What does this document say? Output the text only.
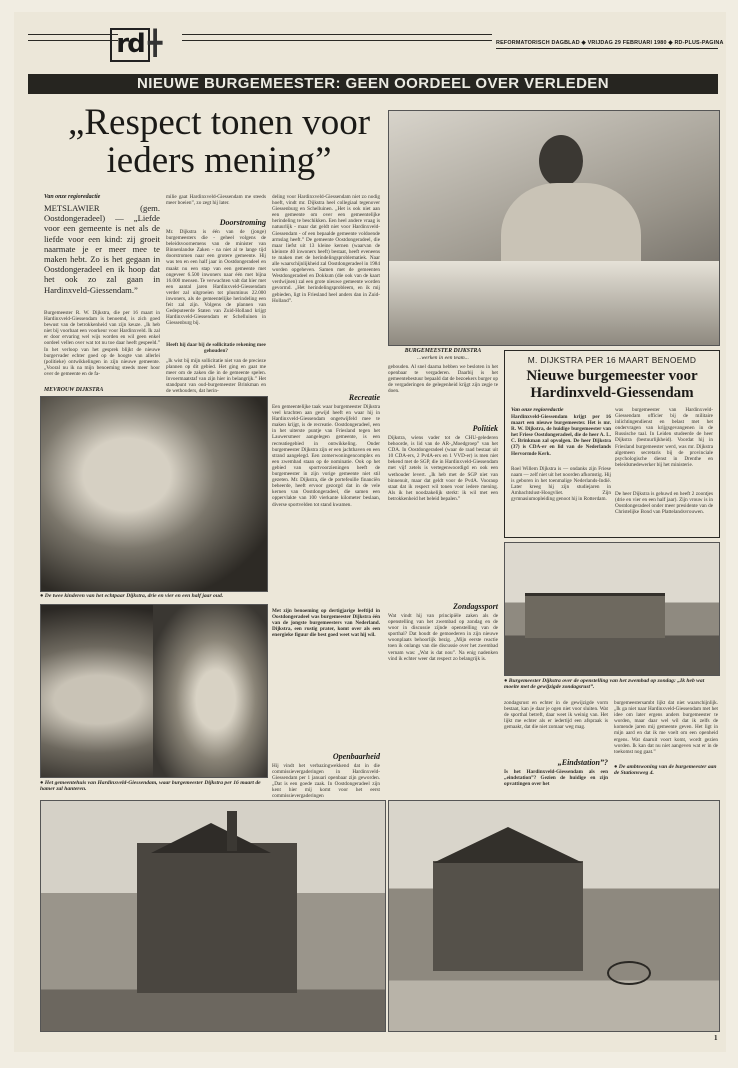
rd ╋	REFORMATORISCH DAGBLAD ◆ VRIJDAG 29 FEBRUARI 1980 ◆ RD-PLUS-PAGINA
NIEUWE BURGEMEESTER: GEEN OORDEEL OVER VERLEDEN
„Respect tonen voor ieders mening”
Van onze regioredactie
METSLAWIER (gem. Oostdongeradeel) — „Liefde voor een gemeente is net als de liefde voor een kind: zij groeit naarmate je er meer mee te maken hebt. Zo is het gegaan in Oostdongeradeel en ik hoop dat het ook zo zal gaan in Hardinxveld-Giessendam.”
Burgemeester R. W. Dijkstra, die per 16 maart in Hardinxveld-Giessendam is benoemd, is zich goed bewust van de betrokkenheid van zijn keuze. „Ik heb niet bij voorbaat een voorkeur voor Hardinxveld. Ik zal er door ervaring wel wijs worden en wil geen enkel oordeel vellen over wat tot nu toe daar heeft gespeeld.” In het verloop van het gesprek blijkt de nieuwe burgervader echter goed op de hoogte van allerlei (politieke) ontwikkelingen in zijn nieuwe gemeente. „Vooral nu ik na mijn benoeming steeds meer hoor over de gemeente en de fa-
MEVROUW DIJKSTRA
● De twee kinderen van het echtpaar Dijkstra, drie en vier en een half jaar oud.
● Het gemeentehuis van Hardinxveld-Giessendam, waar burgemeester Dijkstra per 16 maart de hamer zal hanteren.
milie gaat Hardinxveld-Giessendam me steeds meer boeien”, zo zegt hij later.
Doorstroming
Mr. Dijkstra is één van de (jonge) burgemeesters die - geheel volgens de beleidsvoornemens van de minister van Binnenlandse Zaken - na niet al te lange tijd doorstromen naar een grotere gemeente. Hij was ten en een half jaar in Oostdongeradeel en maakt nu een stap van een gemeente met ongeveer 6.500 inwoners naar één met bijna 16.000 mensen. Te verwachten valt dat hier met een aantal jaren Hardinxveld-Giessendam verder zal uitgroeien tot plusminus 22.000 inwoners, als de gemeentelijke herindeling een feit zal zijn. Volgens de plannen van Gedeputeerde Staten van Zuid-Holland krijgt Hardinxveld-Giessendam er Schelluinen in Giessenburg bij.
Heeft hij daar bij de sollicitatie rekening mee gehouden?
„Ik wist bij mijn sollicitatie niet van de precieze plannen op dit gebied. Het ging en gaat me meer om de zaken die in de gemeente spelen. Invoermaatstaf van zijn hier in belangrijk.” Het standpunt van oud-burgemeester Brinkman en de wethouders, dat herin-
deling voor Hardinxveld-Giessendam niet zo nodig hoeft, vindt mr. Dijkstra heel collegiaal tegenover Giessenburg en Schelluinen. „Het is ook niet aan een gemeente om over een gemeentelijke herindeling te beschikken. Een heel andere vraag is natuurlijk - maar dat geldt niet voor Hardinxveld-Giessendam - of een bepaalde gemeente voldoende armslag heeft.” De gemeente Oostdongeradeel, die maar liefst uit 13 kleine kernen (waarvan de kleinste 40 inwoners heeft) bestaat, heeft eveneens te maken met de herindelingsproblematiek. Naar alle waarschijnlijkheid zal Oostdongeradeel in 1984 worden opgeheven. Samen met de gemeenten Westdongeradeel en Dokkum (die ook van de kaart verdwijnen) zal een grote nieuwe gemeente worden gevormd. „Het herindelingsprobleem, en ik mij gebieden, ligt in Friesland heel anders dan in Zuid-Holland”.
Recreatie
Een gemeentelijke taak waar burgemeester Dijkstra veel krachten aan gewijd heeft en waar hij in Hardinxveld-Giessendam ongetwijfeld mee te maken krijgt, is de recreatie. Oostdongeradeel, een in het uiterste puntje van Friesland tegen het Lauwersmeer aangelegen gemeente, is een recreatiegebied in ontwikkeling. Onder burgemeester Dijkstra zijn er een jachthaven en een strand aangelegd. Een zomerwoningencomplex en een zwembad staan op de nominatie. Ook op het gebied van sportvoorzieningen heeft de burgemeester in zijn vorige gemeente niet stil gezeten. Mr. Dijkstra, die de portefeuille financiën beheerde, heeft ervoor gezorgd dat in de vele kernen van Oostdongeradeel, die samen een oppervlakte van 100 vierkante kilometer beslaan, diverse sportvelden tot stand kwamen.
Met zijn benoeming op dertigjarige leeftijd in Oostdongeradeel was burgemeester Dijkstra één van de jongste burgemeesters van Nederland. Dijkstra, een rustig prater, komt over als een energieke figuur die best goed weet wat hij wil.
Openbaarheid
Hij vindt het verbazingwekkend dat in die commissievergaderingen in Hardinxveld-Giessendam per 1 januari openbaar zijn geworden. „Dat is een goede zaak. In Oostdongeradeel zijn kent hier mij komt voor het eerst commissievergaderingen
BURGEMEESTER DIJKSTRA
...werken in een team...
gebouden. Al snel daarna hebben we besloten in het openbaar te vergaderen. Daarbij is het gemeentebestuur bepaald dat de bezoekers burger op de vergaderingen de gelegenheid krijgt zijn zegje te doen.
Politiek
Dijkstra, wiens vader tot de CHU-gelederen behoorde, is lid van de AR-„Moedgroep” van het CDA. In Oostdongeradeel (waar de raad bestaat uit 10 CDA-ers, 2 PvdA-ers en 1 VVD-er) is men niet bekend met de SGP, die in Hardinxveld-Giessendam met vijf zetels is vertegenwoordigd en ook een wethouder levert. „Ik heb met de SGP niet van binnenuit, maar dat geldt voor de PvdA. Vooraop staat dat ik respect wil tonen voor iedere mening. Als ik het noodzakelijk sterkt: ik wil met een betrokkenheid het beleid bepalen.”
Zondagssport
Wat vindt hij van principiële zaken als de openstelling van het zwembad op zondag en de woor in discussie zijnde openstelling van de sporthal? Dat houdt de gemoederen in zijn nieuwe woonplaats behoorlijk bezig. „Mijn eerste reactie toen ik onlangs van die discussie over het zwembad vernam was: „Wat is dat nou”. Na enig nadenken vind ik echter weer dat respect zo belangrijk is.
M. DIJKSTRA PER 16 MAART BENOEMD
Nieuwe burgemeester voor Hardinxveld-Giessendam
Van onze regioredactie
Hardinxveld-Giessendam krijgt per 16 maart een nieuwe burgemeester. Het is mr. R. W. Dijkstra, de huidige burgemeester van het Friese Oostdongeradeel, die de heer A. L. C. Brinkman zal opvolgen. De heer Dijkstra (37) is CDA-er en lid van de Nederlands Hervormde Kerk.
Roel Willem Dijkstra is — ondanks zijn Friese naam — zelf niet uit het noorden afkomstig. Hij is geboren in het toenmalige Nederlands-Indië. Later kreeg hij zijn studiejaren in Ambachtslust-Hoogvliet. Zijn gymnasiumopleiding genoot hij in Rotterdam.
was burgemeester van Hardinxveld-Giessendam officier bij de militaire inlichtingendienst en belast met het ondervragen van krijgsgevangenen in de Russische taal. In Leiden studeerde de heer Dijkstra (bestuurlijkheid). Voordat hij in Friesland burgemeester werd, was mr. Dijkstra algemeen secretaris bij de provinciale psychologische dienst in Drenthe en beleidsmedewerker bij het ministerie.
De heer Dijkstra is gehuwd en heeft 2 zoontjes (drie en vier en een half jaar). Zijn vrouw is in Oostdongeradeel onder meer presidente van de Christelijke Bond van Plattelandsvrouwen.
● Burgemeester Dijkstra over de openstelling van het zwembad op zondag: „Ik heb wat moeite met de gewijzigde zondagsrust”.
zondagsrust en echter in de gewijzigde vorm bestaat, kan je daar je ogen niet voor sluiten. Wat de sporthal betreft, daar weet ik weinig van. Het lijkt me echter als er iedertijd een afspraak is gemaakt, dat die niet zomaar weg mag.
„Eindstation”?
Is het Hardinxveld-Giessendam als een „eindstation”? Gezien de huidige en zijn opvattingen over het
burgemeestersambt lijkt dat niet waarschijnlijk. „Ik ga niet naar Hardinxveld-Giessendam met het idee om later ergens anders burgemeester te worden, maar daar wel wil dat ik zelfs de komende jaren mij gemeente geven. Het ligt in mijn aard en dat ik me voelt om een openheid ergens. Wat daaruit voort komt, wordt gezien worden. Ik kan dat nu niet aangeven wat er in de toekomst nog gaat.”
● De ambtswoning van de burgemeester aan de Stationsweg 4.
1
